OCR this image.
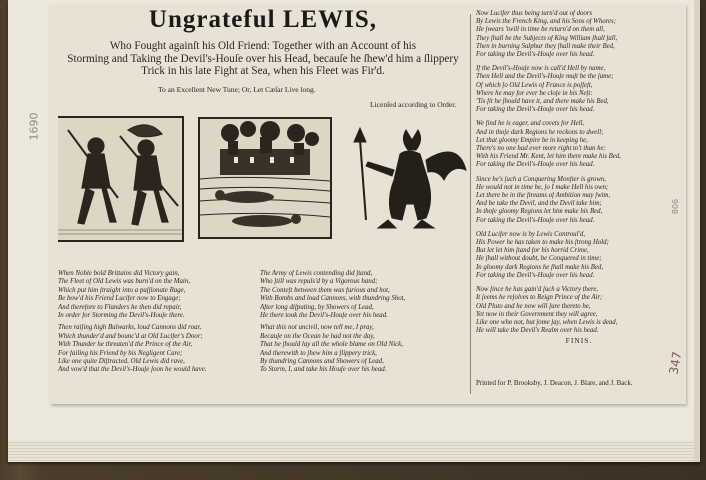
Ungrateful LEWIS,
Who Fought againſt his Old Friend: Together with an Account of his
Storming and Taking the Devil's-Houſe over his Head, becauſe he ſhew'd him a ſlippery
Trick in his late Fight at Sea, when his Fleet was Fir'd.
To an Excellent New Tune; Or, Let Cæſar Live long.
Licenſed according to Order.
When Noble bold Brittains did Victory gain,
The Fleet of Old Lewis was burn'd on the Main,
Which put him ſtraight into a paſſionate Rage,
Be bow'd his Friend Lucifer now to Engage;
And therefore to Flanders he then did repair,
In order for Storming the Devil's-Houſe there.
Then raiſing high Bulwarks, loud Cannons did roar,
Which thunder'd and bounc'd at Old Lucifer's Door;
With Thunder he threaten'd the Prince of the Air,
For failing his Friend by his Negligent Care;
Like one quite Diſtracted, Old Lewis did rave,
And vow'd that the Devil's-Houſe ſoon he would have.
The Army of Lewis contending did ſtand,
Who ſtill was repuls'd by a Vigorous hand;
The Conteſt between them was furious and hot,
With Bombs and loud Cannons, with thundring Shot,
After long diſputing, by Showers of Lead,
He there took the Devil's-Houſe over his head.
What this not uncivil, now tell me, I pray,
Becauſe on the Ocean he had not the day,
That he ſhould lay all the whole blame on Old Nick,
And therewith to ſhew him a ſlippery trick,
By thundring Cannons and Showers of Lead,
To Storm, I, and take his Houſe over his head.
Now Lucifer thus being turn'd out of doors
By Lewis the French King, and his Sons of Whores;
He ſwears 'twill in time be return'd on them all,
They ſhall be the Subjects of King William ſhall fall,
Then in burning Sulphur they ſhall make their Bed,
For taking the Devil's-Houſe over his head.
If the Devil's-Houſe now is call'd Hell by name,
Then Hell and the Devil's-Houſe muſt be the ſame;
Of which ſo Old Lewis of France is poſſeſt,
Where he may for ever be cloſe in his Neſt:
'Tis fit he ſhould have it, and there make his Bed,
For taking the Devil's-Houſe over his head.
We find he is eager, and covets for Hell,
And in thoſe dark Regions he reckons to dwell;
Let that gloomy Empire be in keeping he,
There's no one had ever more right to't than he:
With his Friend Mr. Kent, let him there make his Bed,
For taking the Devil's-Houſe over his head.
Since he's ſuch a Conquering Monſter is grown,
He would not in time be, ſo I make Hell his own;
Let there be in the ſtreams of Ambition may ſwim,
And be take the Devil, and the Devil take him;
In thoſe gloomy Regions let him make his Bed,
For taking the Devil's-Houſe over his head.
Old Lucifer now is by Lewis Controul'd,
His Power he has taken to make his ſtrong Hold;
But let let him ſtand for his horrid Crime,
He ſhall without doubt, be Conquered in time;
In gloomy dark Regions he ſhall make his Bed,
For taking the Devil's-Houſe over his head.
Now ſince he has gain'd ſuch a Victory there,
It ſeems he reſolves to Reign Prince of the Air;
Old Pluto and he now will ſure thereto be,
Yet now in their Government they will agree,
Like one who not, but ſome ſay, when Lewis is dead,
He will take the Devil's Realm over his head.
FINIS.
Printed for P. Brooksby, J. Deacon, J. Blare, and J. Back.
1690
347
806
